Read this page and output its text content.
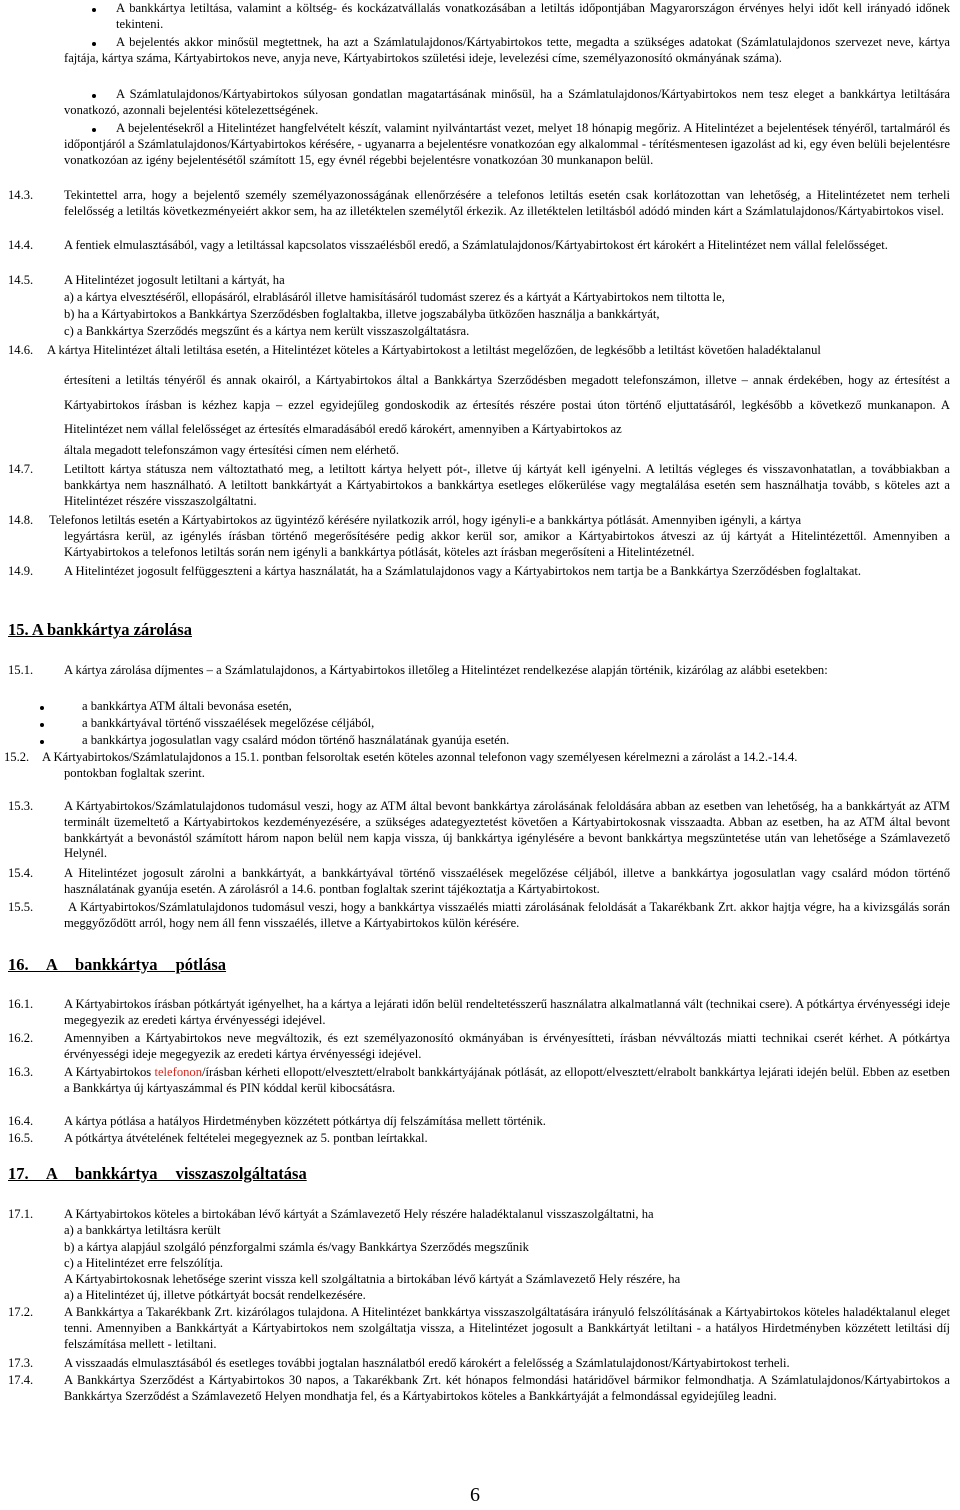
A bankkártya letiltása, valamint a költség- és kockázatvállalás vonatkozásában a letiltás időpontjában Magyarországon érvényes helyi időt kell irányadó időnek tekinteni.
A bejelentés akkor minősül megtettnek, ha azt a Számlatulajdonos/Kártyabirtokos tette, megadta a szükséges adatokat (Számlatulajdonos szervezet neve, kártya fajtája, kártya száma, Kártyabirtokos neve, anyja neve, Kártyabirtokos születési ideje, levelezési címe, személyazonosító okmányának száma).
A Számlatulajdonos/Kártyabirtokos súlyosan gondatlan magatartásának minősül, ha a Számlatulajdonos/Kártyabirtokos nem tesz eleget a bankkártya letiltására vonatkozó, azonnali bejelentési kötelezettségének.
A bejelentésekről a Hitelintézet hangfelvételt készít, valamint nyilvántartást vezet, melyet 18 hónapig megőriz. A Hitelintézet a bejelentések tényéről, tartalmáról és időpontjáról a Számlatulajdonos/Kártyabirtokos kérésére, - ugyanarra a bejelentésre vonatkozóan egy alkalommal - térítésmentesen igazolást ad ki, egy éven belüli bejelentésre vonatkozóan az igény bejelentésétől számított 15, egy évnél régebbi bejelentésre vonatkozóan 30 munkanapon belül.
14.3. Tekintettel arra, hogy a bejelentő személy személyazonosságának ellenőrzésére a telefonos letiltás esetén csak korlátozottan van lehetőség, a Hitelintézetet nem terheli felelősség a letiltás következményeiért akkor sem, ha az illetéktelen személytől érkezik. Az illetéktelen letiltásból adódó minden kárt a Számlatulajdonos/Kártyabirtokos visel.
14.4. A fentiek elmulasztásából, vagy a letiltással kapcsolatos visszaélésből eredő, a Számlatulajdonos/Kártyabirtokost ért károkért a Hitelintézet nem vállal felelősséget.
14.5. A Hitelintézet jogosult letiltani a kártyát, ha
a) a kártya elvesztéséről, ellopásáról, elrablásáról illetve hamisításáról tudomást szerez és a kártyát a Kártyabirtokos nem tiltotta le,
b) ha a Kártyabirtokos a Bankkártya Szerződésben foglaltakba, illetve jogszabályba ütközően használja a bankkártyát,
c) a Bankkártya Szerződés megszűnt és a kártya nem került visszaszolgáltatásra.
14.6. A kártya Hitelintézet általi letiltása esetén, a Hitelintézet köteles a Kártyabirtokost a letiltást megelőzően, de legkésőbb a letiltást követően haladéktalanul
értesíteni a letiltás tényéről és annak okairól, a Kártyabirtokos által a Bankkártya Szerződésben megadott telefonszámon, illetve – annak érdekében, hogy az értesítést a Kártyabirtokos írásban is kézhez kapja – ezzel egyidejűleg gondoskodik az értesítés részére postai úton történő eljuttatásáról, legkésőbb a következő munkanapon. A Hitelintézet nem vállal felelősséget az értesítés elmaradásából eredő károkért, amennyiben a Kártyabirtokos az
általa megadott telefonszámon vagy értesítési címen nem elérhető.
14.7. Letiltott kártya státusza nem változtatható meg, a letiltott kártya helyett pót-, illetve új kártyát kell igényelni. A letiltás végleges és visszavonhatatlan, a továbbiakban a bankkártya nem használható. A letiltott bankkártyát a Kártyabirtokos a bankkártya esetleges előkerülése vagy megtalálása esetén sem használhatja tovább, s köteles azt a Hitelintézet részére visszaszolgáltatni.
14.8. Telefonos letiltás esetén a Kártyabirtokos az ügyintéző kérésére nyilatkozik arról, hogy igényli-e a bankkártya pótlását. Amennyiben igényli, a kártya
legyártásra kerül, az igénylés írásban történő megerősítésére pedig akkor kerül sor, amikor a Kártyabirtokos átveszi az új kártyát a Hitelintézettől. Amennyiben a Kártyabirtokos a telefonos letiltás során nem igényli a bankkártya pótlását, köteles azt írásban megerősíteni a Hitelintézetnél.
14.9. A Hitelintézet jogosult felfüggeszteni a kártya használatát, ha a Számlatulajdonos vagy a Kártyabirtokos nem tartja be a Bankkártya Szerződésben foglaltakat.
15. A bankkártya zárolása
15.1. A kártya zárolása díjmentes – a Számlatulajdonos, a Kártyabirtokos illetőleg a Hitelintézet rendelkezése alapján történik, kizárólag az alábbi esetekben:
a bankkártya ATM általi bevonása esetén,
a bankkártyával történő visszaélések megelőzése céljából,
a bankkártya jogosulatlan vagy csalárd módon történő használatának gyanúja esetén.
15.2. A Kártyabirtokos/Számlatulajdonos a 15.1. pontban felsoroltak esetén köteles azonnal telefonon vagy személyesen kérelmezni a zárolást a 14.2.-14.4.
pontokban foglaltak szerint.
15.3. A Kártyabirtokos/Számlatulajdonos tudomásul veszi, hogy az ATM által bevont bankkártya zárolásának feloldására abban az esetben van lehetőség, ha a bankkártyát az ATM terminált üzemeltető a Kártyabirtokos kezdeményezésére, a szükséges adategyeztetést követően a Kártyabirtokosnak visszaadta. Abban az esetben, ha az ATM által bevont bankkártyát a bevonástól számított három napon belül nem kapja vissza, új bankkártya igénylésére a bevont bankkártya megszüntetése után van lehetősége a Számlavezető Helynél.
15.4. A Hitelintézet jogosult zárolni a bankkártyát, a bankkártyával történő visszaélések megelőzése céljából, illetve a bankkártya jogosulatlan vagy csalárd módon történő használatának gyanúja esetén. A zárolásról a 14.6. pontban foglaltak szerint tájékoztatja a Kártyabirtokost.
15.5.	A Kártyabirtokos/Számlatulajdonos tudomásul veszi, hogy a bankkártya visszaélés miatti zárolásának feloldását a Takarékbank Zrt. akkor hajtja végre, ha a kivizsgálás során meggyőződött arról, hogy nem áll fenn visszaélés, illetve a Kártyabirtokos külön kérésére.
16. A bankkártya pótlása
16.1. A Kártyabirtokos írásban pótkártyát igényelhet, ha a kártya a lejárati időn belül rendeltetésszerű használatra alkalmatlanná vált (technikai csere). A pótkártya érvényességi ideje megegyezik az eredeti kártya érvényességi idejével.
16.2. Amennyiben a Kártyabirtokos neve megváltozik, és ezt személyazonosító okmányában is érvényesítteti, írásban névváltozás miatti technikai cserét kérhet. A pótkártya érvényességi ideje megegyezik az eredeti kártya érvényességi idejével.
16.3. A Kártyabirtokos telefonon/írásban kérheti ellopott/elvesztett/elrabolt bankkártyájának pótlását, az ellopott/elvesztett/elrabolt bankkártya lejárati idején belül. Ebben az esetben a Bankkártya új kártyaszámmal és PIN kóddal kerül kibocsátásra.
16.4. A kártya pótlása a hatályos Hirdetményben közzétett pótkártya díj felszámítása mellett történik.
16.5. A pótkártya átvételének feltételei megegyeznek az 5. pontban leírtakkal.
17. A bankkártya visszaszolgáltatása
17.1. A Kártyabirtokos köteles a birtokában lévő kártyát a Számlavezető Hely részére haladéktalanul visszaszolgáltatni, ha
a) a bankkártya letiltásra került
b) a kártya alapjául szolgáló pénzforgalmi számla és/vagy Bankkártya Szerződés megszűnik
c) a Hitelintézet erre felszólítja.
A Kártyabirtokosnak lehetősége szerint vissza kell szolgáltatnia a birtokában lévő kártyát a Számlavezető Hely részére, ha
a) a Hitelintézet új, illetve pótkártyát bocsát rendelkezésére.
17.2. A Bankkártya a Takarékbank Zrt. kizárólagos tulajdona. A Hitelintézet bankkártya visszaszolgáltatására irányuló felszólításának a Kártyabirtokos köteles haladéktalanul eleget tenni. Amennyiben a Bankkártyát a Kártyabirtokos nem szolgáltatja vissza, a Hitelintézet jogosult a Bankkártyát letiltani - a hatályos Hirdetményben közzétett letiltási díj felszámítása mellett - letiltani.
17.3. A visszaadás elmulasztásából és esetleges további jogtalan használatból eredő károkért a felelősség a Számlatulajdonost/Kártyabirtokost terheli.
17.4. A Bankkártya Szerződést a Kártyabirtokos 30 napos, a Takarékbank Zrt. két hónapos felmondási határidővel bármikor felmondhatja. A Számlatulajdonos/Kártyabirtokos a Bankkártya Szerződést a Számlavezető Helyen mondhatja fel, és a Kártyabirtokos köteles a Bankkártyáját a felmondással egyidejűleg leadni.
6
